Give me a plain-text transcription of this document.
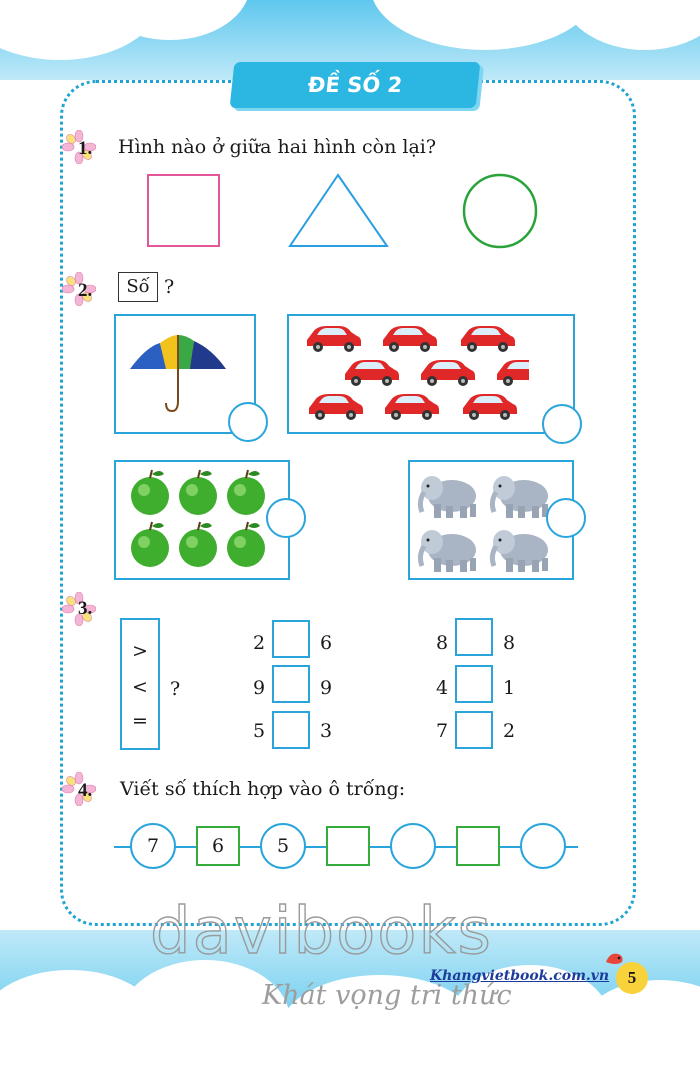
ĐỀ SỐ 2
1. Hình nào ở giữa hai hình còn lại?
2.	Số ?
3.
>
<
=
?
2	6
9	9
5	3
8	8
4	1
7	2
4. Viết số thích hợp vào ô trống:
7	6	5
davibooks
Khangvietbook.com.vn
Khát vọng tri thức
5
